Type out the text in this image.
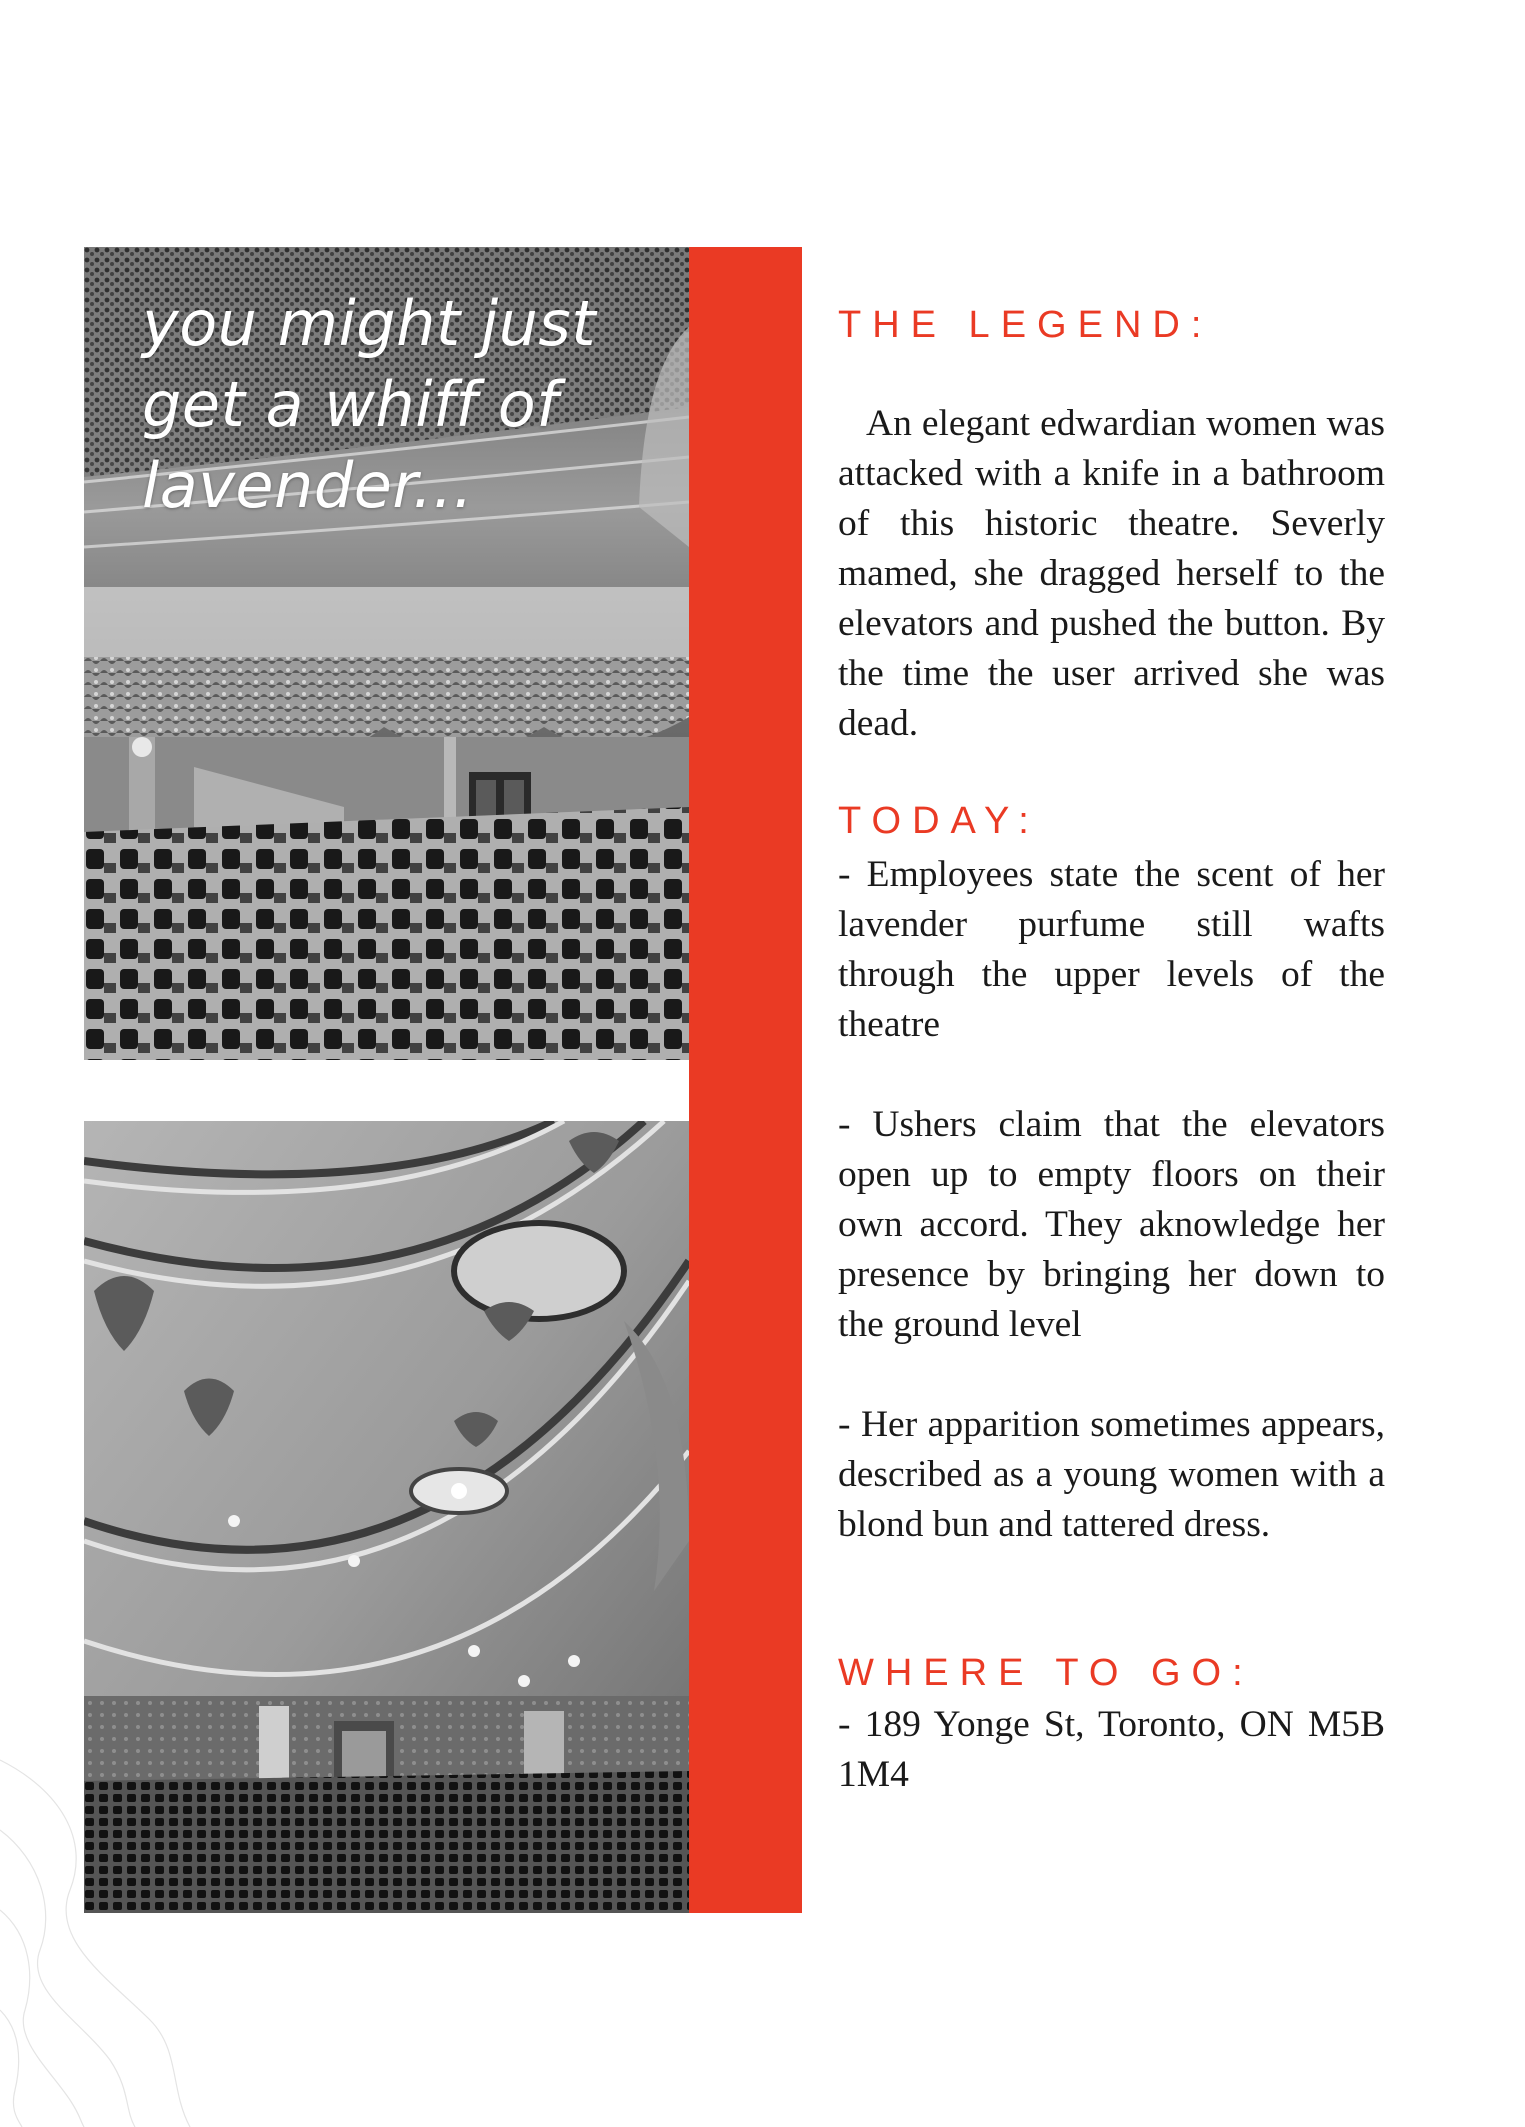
you might just
get a whiff of
lavender...
THE LEGEND:

An elegant edwardian women was attacked with a knife in a bathroom of this historic theatre. Severly mamed, she dragged herself to the elevators and pushed the button. By the time the user arrived she was dead.

TODAY:

- Employees state the scent of her lavender purfume still wafts through the upper levels of the theatre

- Ushers claim that the elevators open up to empty floors on their own accord. They aknowledge her presence by bringing her down to the ground level

- Her apparition sometimes appears, described as a young women with a blond bun and tattered dress.

WHERE TO GO:

- 189 Yonge St, Toronto, ON M5B 1M4
